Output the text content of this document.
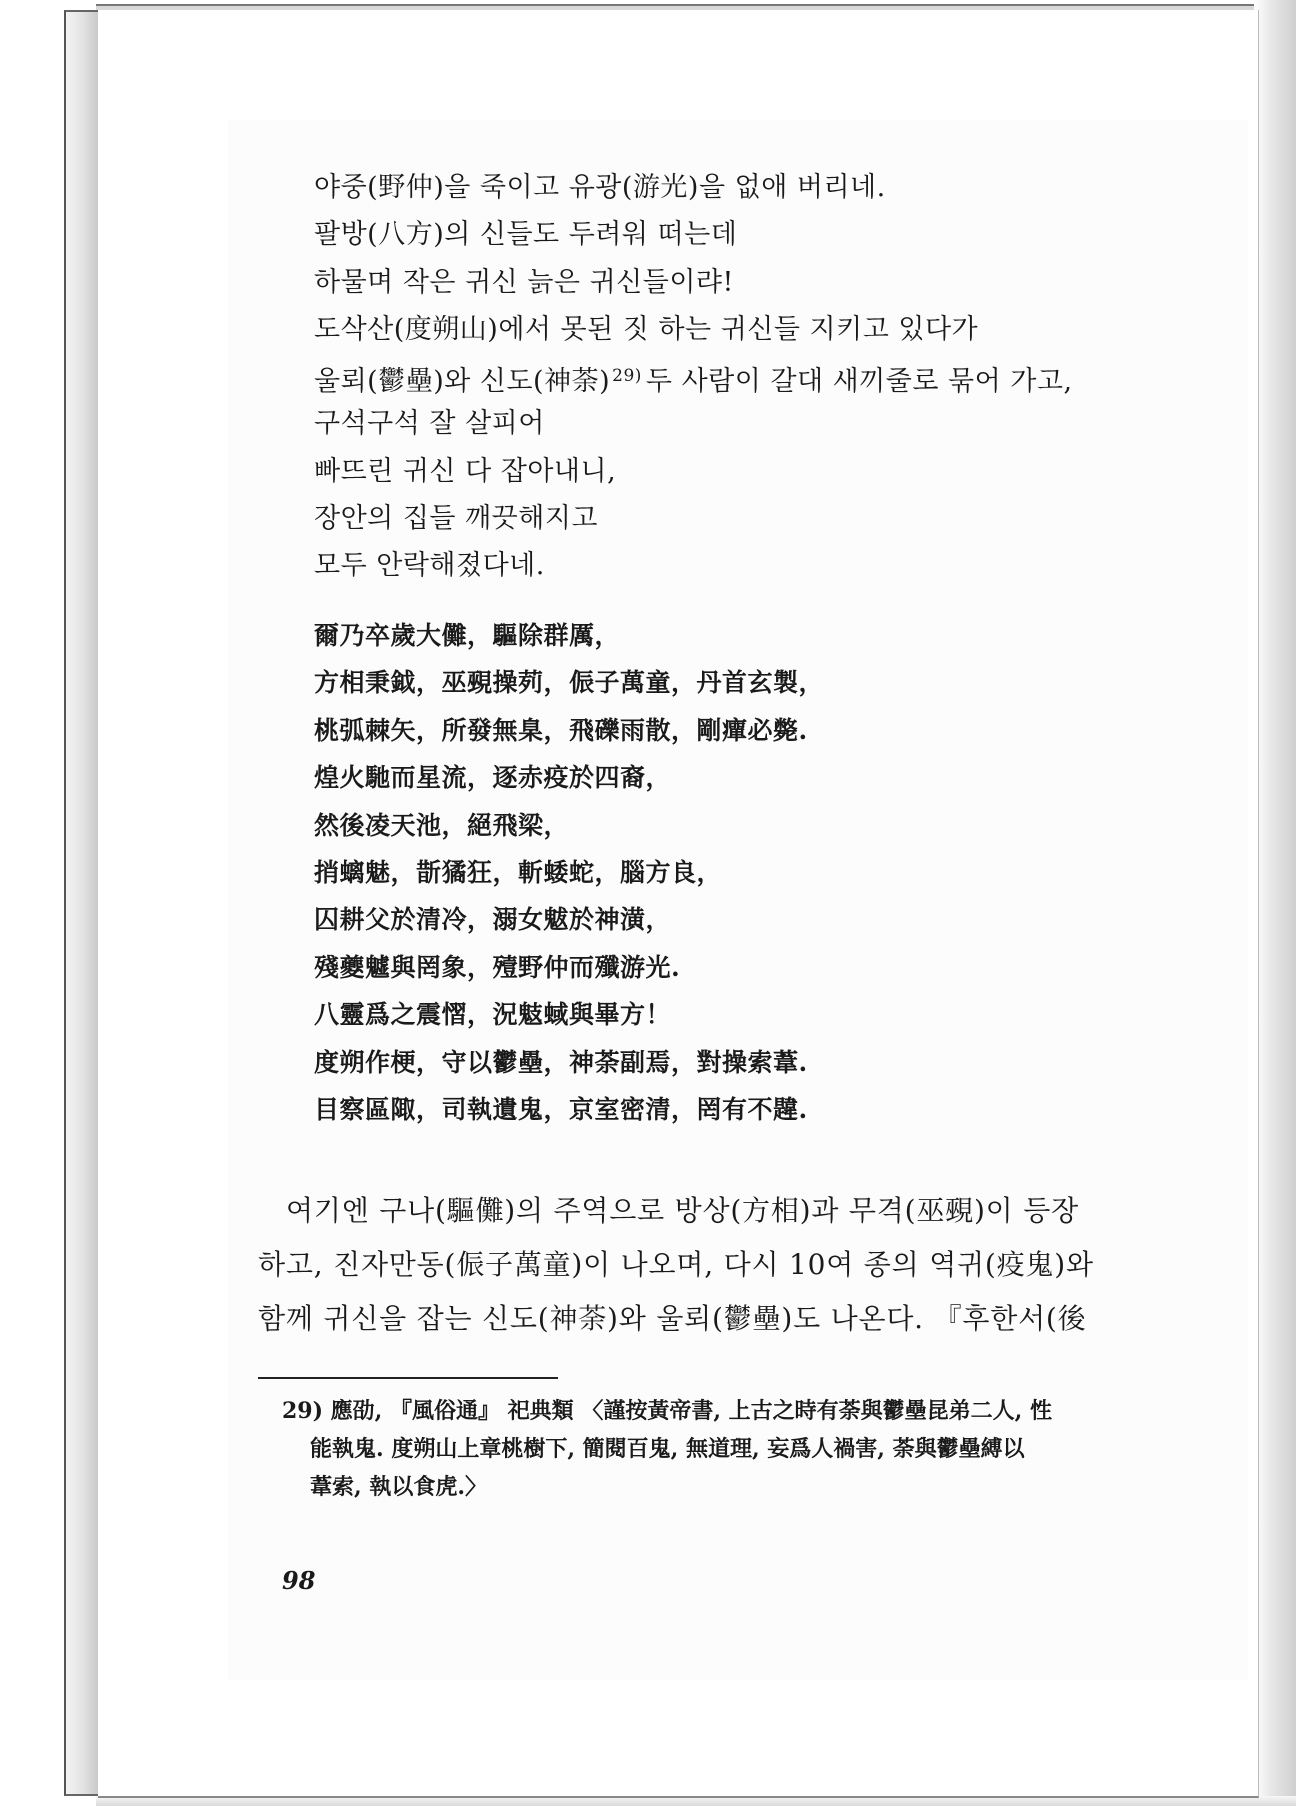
야중(野仲)을 죽이고 유광(游光)을 없애 버리네.
팔방(八方)의 신들도 두려워 떠는데
하물며 작은 귀신 늙은 귀신들이랴!
도삭산(度朔山)에서 못된 짓 하는 귀신들 지키고 있다가
울뢰(鬱壘)와 신도(神荼) $^{29)}$ 두 사람이 갈대 새끼줄로 묶어 가고,
구석구석 잘 살피어
빠뜨린 귀신 다 잡아내니,
장안의 집들 깨끗해지고
모두 안락해졌다네.
爾乃卒歲大儺，驅除群厲，
方相秉鉞，巫覡操茢，侲子萬童，丹首玄製，
桃弧棘矢，所發無臬，飛礫雨散，剛癉必斃.
煌火馳而星流，逐赤疫於四裔，
然後凌天池，絕飛梁，
捎螭魅，斮獝狂，斬蜲蛇，腦方良，
囚耕父於清冷，溺女魃於神潢，
殘夔魖與罔象，殪野仲而殲游光.
八靈爲之震慴，況鬾蜮與畢方！
度朔作梗，守以鬱壘，神荼副焉，對操索葦.
目察區陬，司執遺鬼，京室密清，罔有不韙.
여기엔 구나(驅儺)의 주역으로 방상(方相)과 무격(巫覡)이 등장
하고, 진자만동(侲子萬童)이 나오며, 다시 10여 종의 역귀(疫鬼)와
함께 귀신을 잡는 신도(神荼)와 울뢰(鬱壘)도 나온다. 『후한서(後
29) 應劭, 『風俗通』 祀典類 〈謹按黃帝書, 上古之時有荼與鬱壘昆弟二人, 性
能執鬼. 度朔山上章桃樹下, 簡閱百鬼, 無道理, 妄爲人禍害, 荼與鬱壘縛以
葦索, 執以食虎.〉
98
